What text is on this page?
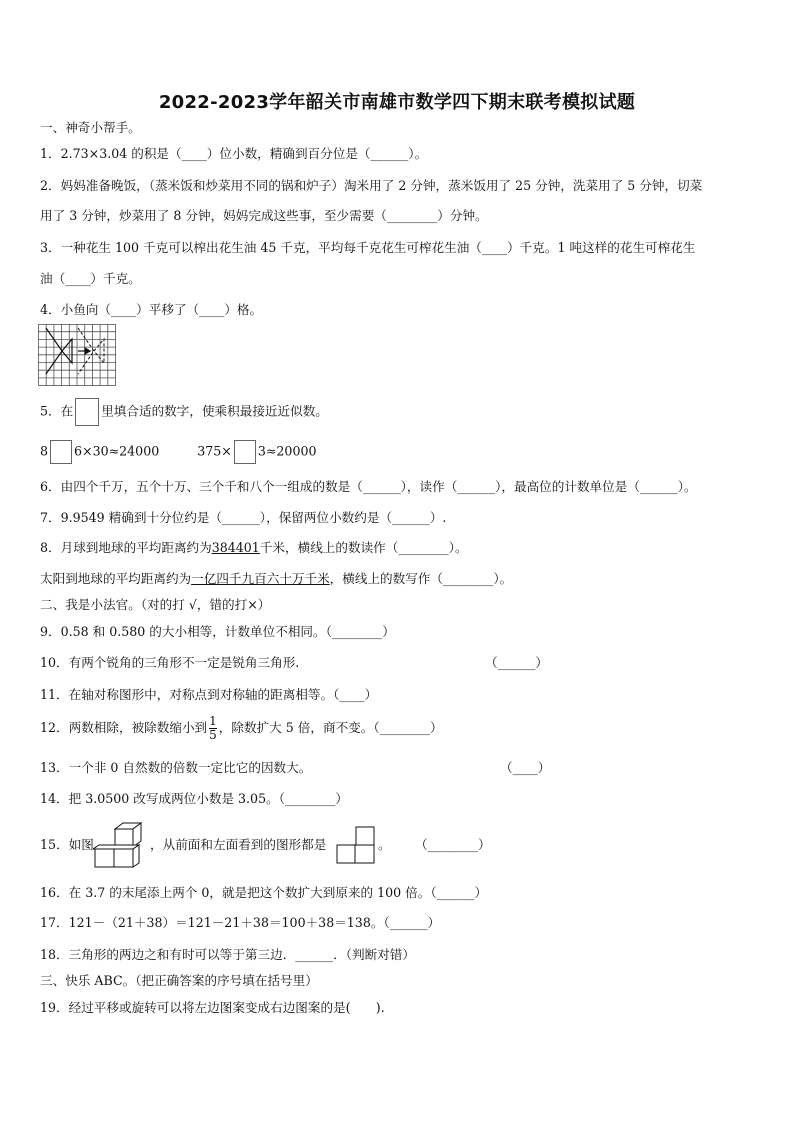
2022-2023学年韶关市南雄市数学四下期末联考模拟试题
一、神奇小帮手。
1．2.73×3.04 的积是（____）位小数，精确到百分位是（______）。
2．妈妈准备晚饭，（蒸米饭和炒菜用不同的锅和炉子）淘米用了 2 分钟，蒸米饭用了 25 分钟，洗菜用了 5 分钟，切菜
用了 3 分钟，炒菜用了 8 分钟，妈妈完成这些事，至少需要（________）分钟。
3．一种花生 100 千克可以榨出花生油 45 千克，平均每千克花生可榨花生油（____）千克。1 吨这样的花生可榨花生
油（____）千克。
4．小鱼向（____）平移了（____）格。
5．在 里填合适的数字，使乘积最接近近似数。
8 6×30≈24000	375× 3≈20000
6．由四个千万，五个十万、三个千和八个一组成的数是（______），读作（______），最高位的计数单位是（______）。
7．9.9549 精确到十分位约是（______），保留两位小数约是（______）.
8．月球到地球的平均距离约为384401千米，横线上的数读作（________）。
太阳到地球的平均距离约为一亿四千九百六十万千米，横线上的数写作（________）。
二、我是小法官。（对的打 √，错的打×）
9．0.58 和 0.580 的大小相等，计数单位不相同。（________）
10．有两个锐角的三角形不一定是锐角三角形.	（______）
11．在轴对称图形中，对称点到对称轴的距离相等。（____）
12．两数相除，被除数缩小到 $\frac{1}{5}$ ，除数扩大 5 倍，商不变。（________）
13．一个非 0 自然数的倍数一定比它的因数大。	（____）
14．把 3.0500 改写成两位小数是 3.05。（________）
15．如图	，从前面和左面看到的图形都是	。 （________）
16．在 3.7 的末尾添上两个 0，就是把这个数扩大到原来的 100 倍。（______）
17．121－（21＋38）＝121－21＋38＝100＋38＝138。（______）
18．三角形的两边之和有时可以等于第三边．______．（判断对错）
三、快乐 ABC。（把正确答案的序号填在括号里）
19．经过平移或旋转可以将左边图案变成右边图案的是(　　).
